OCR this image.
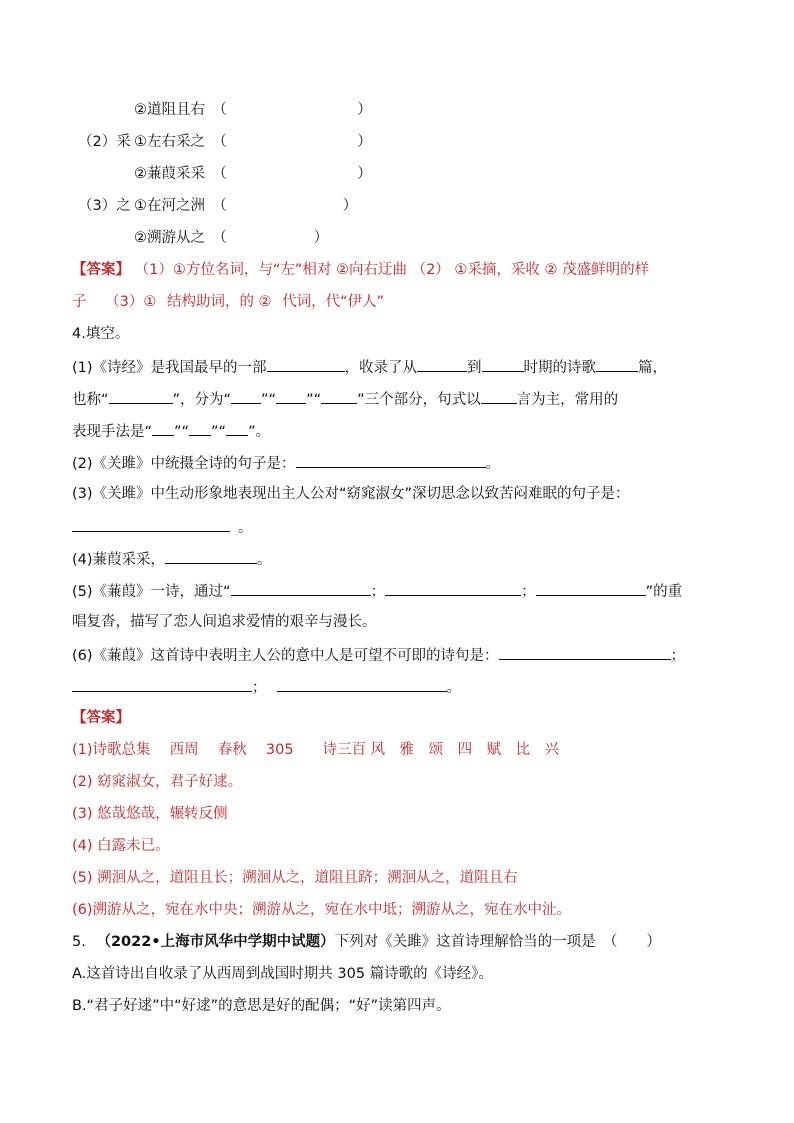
②道阻且右　（　　　　　　　　　）
（2）采 ①左右采之　（　　　　　　　　　）
②蒹葭采采　（　　　　　　　　　）
（3）之 ①在河之洲　（　　　　　　　　）
②溯游从之　（　　　　　　）
【答案】 （1）①方位名词，与“左”相对 ②向右迂曲 （2） ①采摘，采收 ② 茂盛鲜明的样
子 （3）① 结构助词，的 ② 代词，代“伊人”
4.填空。
(1)《诗经》是我国最早的一部	，收录了从	到	时期的诗歌	篇，
也称“	”，分为“ ”“ ”“ ”三个部分，句式以 言为主，常用的
表现手法是“ ”“ ”“ ”。
(2)《关雎》中统摄全诗的句子是：	。
(3)《关雎》中生动形象地表现出主人公对“窈窕淑女”深切思念以致苦闷难眠的句子是：
。
(4)蒹葭采采，	。
(5)《蒹葭》一诗，通过“	；	；	”的重
唱复沓，描写了恋人间追求爱情的艰辛与漫长。
(6)《蒹葭》这首诗中表明主人公的意中人是可望不可即的诗句是：	；
；	。
【答案】
(1)诗歌总集　 西周　 春秋　 305　　诗三百 风　雅　颂　四　赋　比　兴
(2) 窈窕淑女，君子好逑。
(3) 悠哉悠哉，辗转反侧
(4) 白露未已。
(5) 溯洄从之，道阻且长；溯洄从之，道阻且跻；溯洄从之，道阻且右
(6)溯游从之，宛在水中央；溯游从之，宛在水中坻；溯游从之，宛在水中沚。
5. （2022•上海市风华中学期中试题）下列对《关雎》这首诗理解恰当的一项是　（　　）
A.这首诗出自收录了从西周到战国时期共 305 篇诗歌的《诗经》。
B.“君子好逑”中“好逑”的意思是好的配偶；“好”读第四声。
